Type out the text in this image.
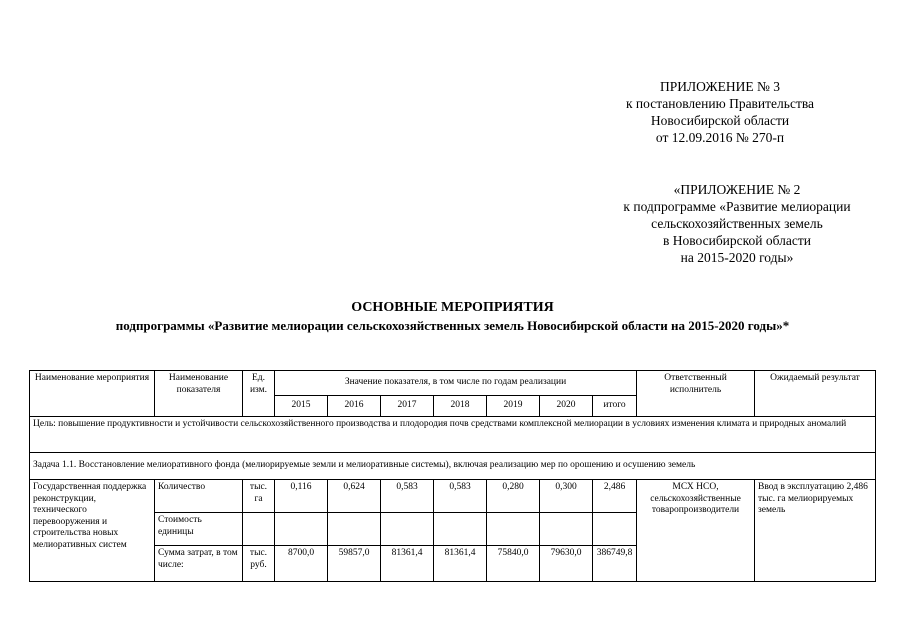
ПРИЛОЖЕНИЕ № 3
к постановлению Правительства
Новосибирской области
от 12.09.2016 № 270-п
«ПРИЛОЖЕНИЕ № 2
к подпрограмме «Развитие мелиорации
сельскохозяйственных земель
в Новосибирской области
на 2015-2020 годы»
ОСНОВНЫЕ МЕРОПРИЯТИЯ
подпрограммы «Развитие мелиорации сельскохозяйственных земель Новосибирской области на 2015-2020 годы»*
Наименование мероприятия	Наименование показателя	Ед. изм.	Значение показателя, в том числе по годам реализации							Ответственный исполнитель	Ожидаемый результат
			2015	2016	2017	2018	2019	2020	итого		
Цель: повышение продуктивности и устойчивости сельскохозяйственного производства и плодородия почв средствами комплексной мелиорации в условиях изменения климата и природных аномалий											
Задача 1.1. Восстановление мелиоративного фонда (мелиорируемые земли и мелиоративные системы), включая реализацию мер по орошению и осушению земель											
Государственная поддержка реконструкции, технического перевооружения и строительства новых мелиоративных систем	Количество	тыс. га	0,116	0,624	0,583	0,583	0,280	0,300	2,486	МСХ НСО, сельскохозяйственные товаропроизводители	Ввод в эксплуатацию 2,486 тыс. га мелиорируемых земель
	Стоимость единицы										
	Сумма затрат, в том числе:	тыс. руб.	8700,0	59857,0	81361,4	81361,4	75840,0	79630,0	386749,8		
